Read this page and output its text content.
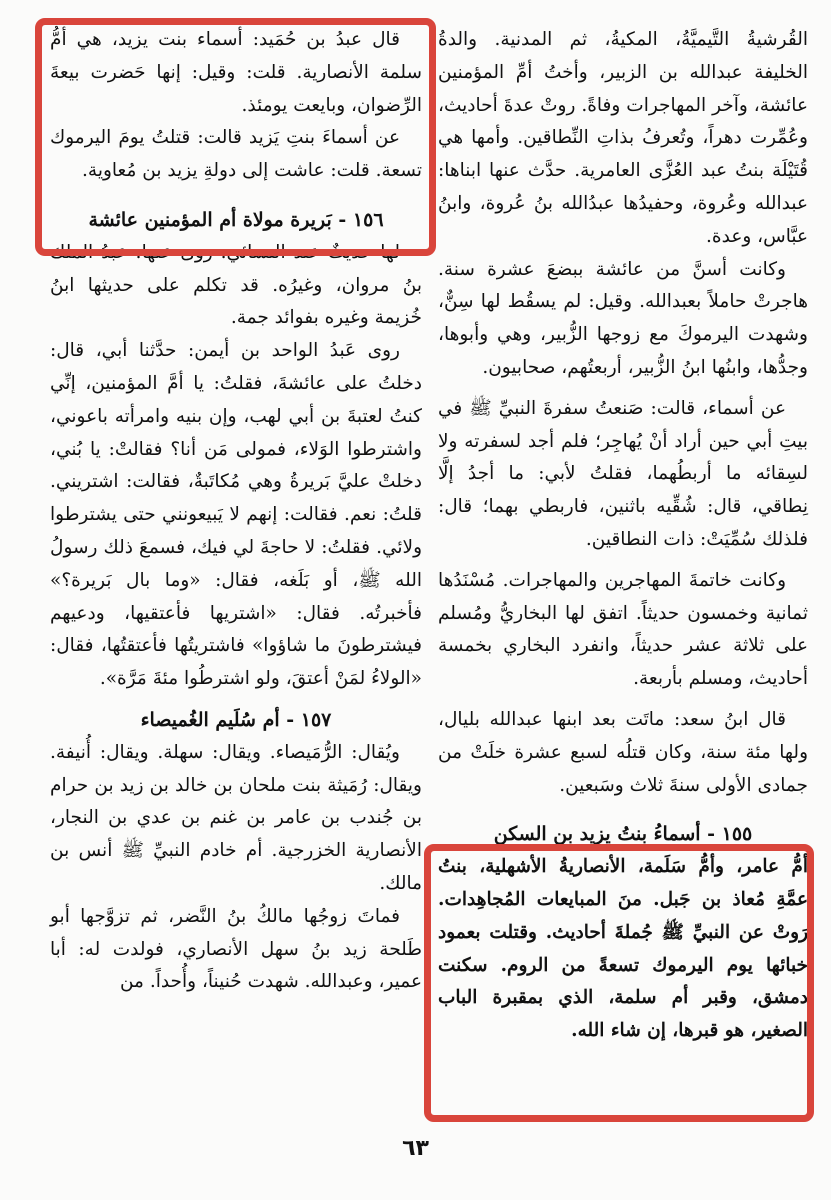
القُرشيةُ التَّيميَّةُ، المكيةُ، ثم المدنية. والدةُ الخليفة عبدالله بن الزبير، وأختُ أمِّ المؤمنين عائشة، وآخر المهاجرات وفاةً. روتْ عدةَ أحاديث، وعُمِّرت دهراً، وتُعرفُ بذاتِ النِّطاقين. وأمها هي قُتَيْلَة بنتُ عبد العُزَّى العامرية. حدَّث عنها ابناها: عبدالله وعُروة، وحفيدُها عبدُالله بنُ عُروة، وابنُ عبَّاس، وعدة.

وكانت أسنَّ من عائشة ببضعَ عشرة سنة. هاجرتْ حاملاً بعبدالله. وقيل: لم يسقُط لها سِنٌّ، وشهدت اليرموكَ مع زوجها الزُّبير، وهي وأبوها، وجدُّها، وابنُها ابنُ الزُّبير، أربعتُهم، صحابيون.

عن أسماء، قالت: صَنعتُ سفرةَ النبيِّ ﷺ في بيتِ أبي حين أراد أنْ يُهاجِر؛ فلم أجد لسفرته ولا لسِقائه ما أربطُهما، فقلتُ لأبي: ما أجدُ إلَّا نِطاقي، قال: شُقِّيه باثنين، فاربطي بهما؛ قال: فلذلك سُمِّيَتْ: ذات النطاقين.

وكانت خاتمةَ المهاجرين والمهاجرات. مُسْنَدُها ثمانية وخمسون حديثاً. اتفق لها البخاريُّ ومُسلم على ثلاثة عشر حديثاً، وانفرد البخاري بخمسة أحاديث، ومسلم بأربعة.

قال ابنُ سعد: ماتَت بعد ابنها عبدالله بليال، ولها مئة سنة، وكان قتلُه لسبع عشرة خلَتْ من جمادى الأولى سنةَ ثلاث وسَبعين.

١٥٥ - أسماءُ بنتُ يزيد بن السكن

أمُّ عامر، وأمُّ سَلَمة، الأنصاريةُ الأشهلية، بنتُ عمَّةِ مُعاذ بن جَبل. منَ المبايعات المُجاهِدات. رَوتْ عن النبيِّ ﷺ جُملةَ أحاديث. وقتلت بعمود خبائها يوم اليرموك تسعةً من الروم. سكنت دمشق، وقبر أم سلمة، الذي بمقبرة الباب الصغير، هو قبرها، إن شاء الله.

قال عبدُ بن حُمَيد: أسماء بنت يزيد، هي أمُّ سلمة الأنصارية. قلت: وقيل: إنها حَضرت بيعةَ الرِّضوان، وبايعت يومئذ.

عن أسماءَ بنتِ يَزيد قالت: قتلتُ يومَ اليرموك تسعة. قلت: عاشت إلى دولةِ يزيد بن مُعاوية.

١٥٦ - بَريرة مولاة أم المؤمنين عائشة

لها حديثٌ عند النسائي. روى عنها: عبدُ الملك بنُ مروان، وغيرُه. قد تكلم على حديثها ابنُ خُزيمة وغيره بفوائد جمة.

روى عَبدُ الواحد بن أيمن: حدَّثنا أبي، قال: دخلتُ على عائشةَ، فقلتُ: يا أمَّ المؤمنين، إنِّي كنتُ لعتبةَ بن أبي لهب، وإن بنيه وامرأته باعوني، واشترطوا الوَلاء، فمولى مَن أنا؟ فقالتْ: يا بُني، دخلتْ عليَّ بَريرةُ وهي مُكاتَبةٌ، فقالت: اشتريني. قلتُ: نعم. فقالت: إنهم لا يَبيعونني حتى يشترطوا ولائي. فقلتُ: لا حاجةَ لي فيك، فسمعَ ذلك رسولُ الله ﷺ، أو بَلَغه، فقال: «وما بال بَريرة؟» فأخبرتُه. فقال: «اشتريها فأعتقيها، ودعيهم فيشترطونَ ما شاؤوا» فاشتريتُها فأعتقتُها، فقال: «الولاءُ لمَنْ أعتقَ، ولو اشترطُوا مئةَ مَرَّة».

١٥٧ - أم سُلَيم الغُميصاء

ويُقال: الرُّمَيصاء. ويقال: سهلة. ويقال: أُنيفة. ويقال: رُمَيثة بنت ملحان بن خالد بن زيد بن حرام بن جُندب بن عامر بن غنم بن عدي بن النجار، الأنصارية الخزرجية. أم خادم النبيِّ ﷺ أنس بن مالك.

فماتَ زوجُها مالكُ بنُ النَّضر، ثم تزوَّجها أبو طَلحة زيد بنُ سهل الأنصاري، فولدت له: أبا عمير، وعبدالله. شهدت حُنيناً، وأُحداً. من

٦٣
